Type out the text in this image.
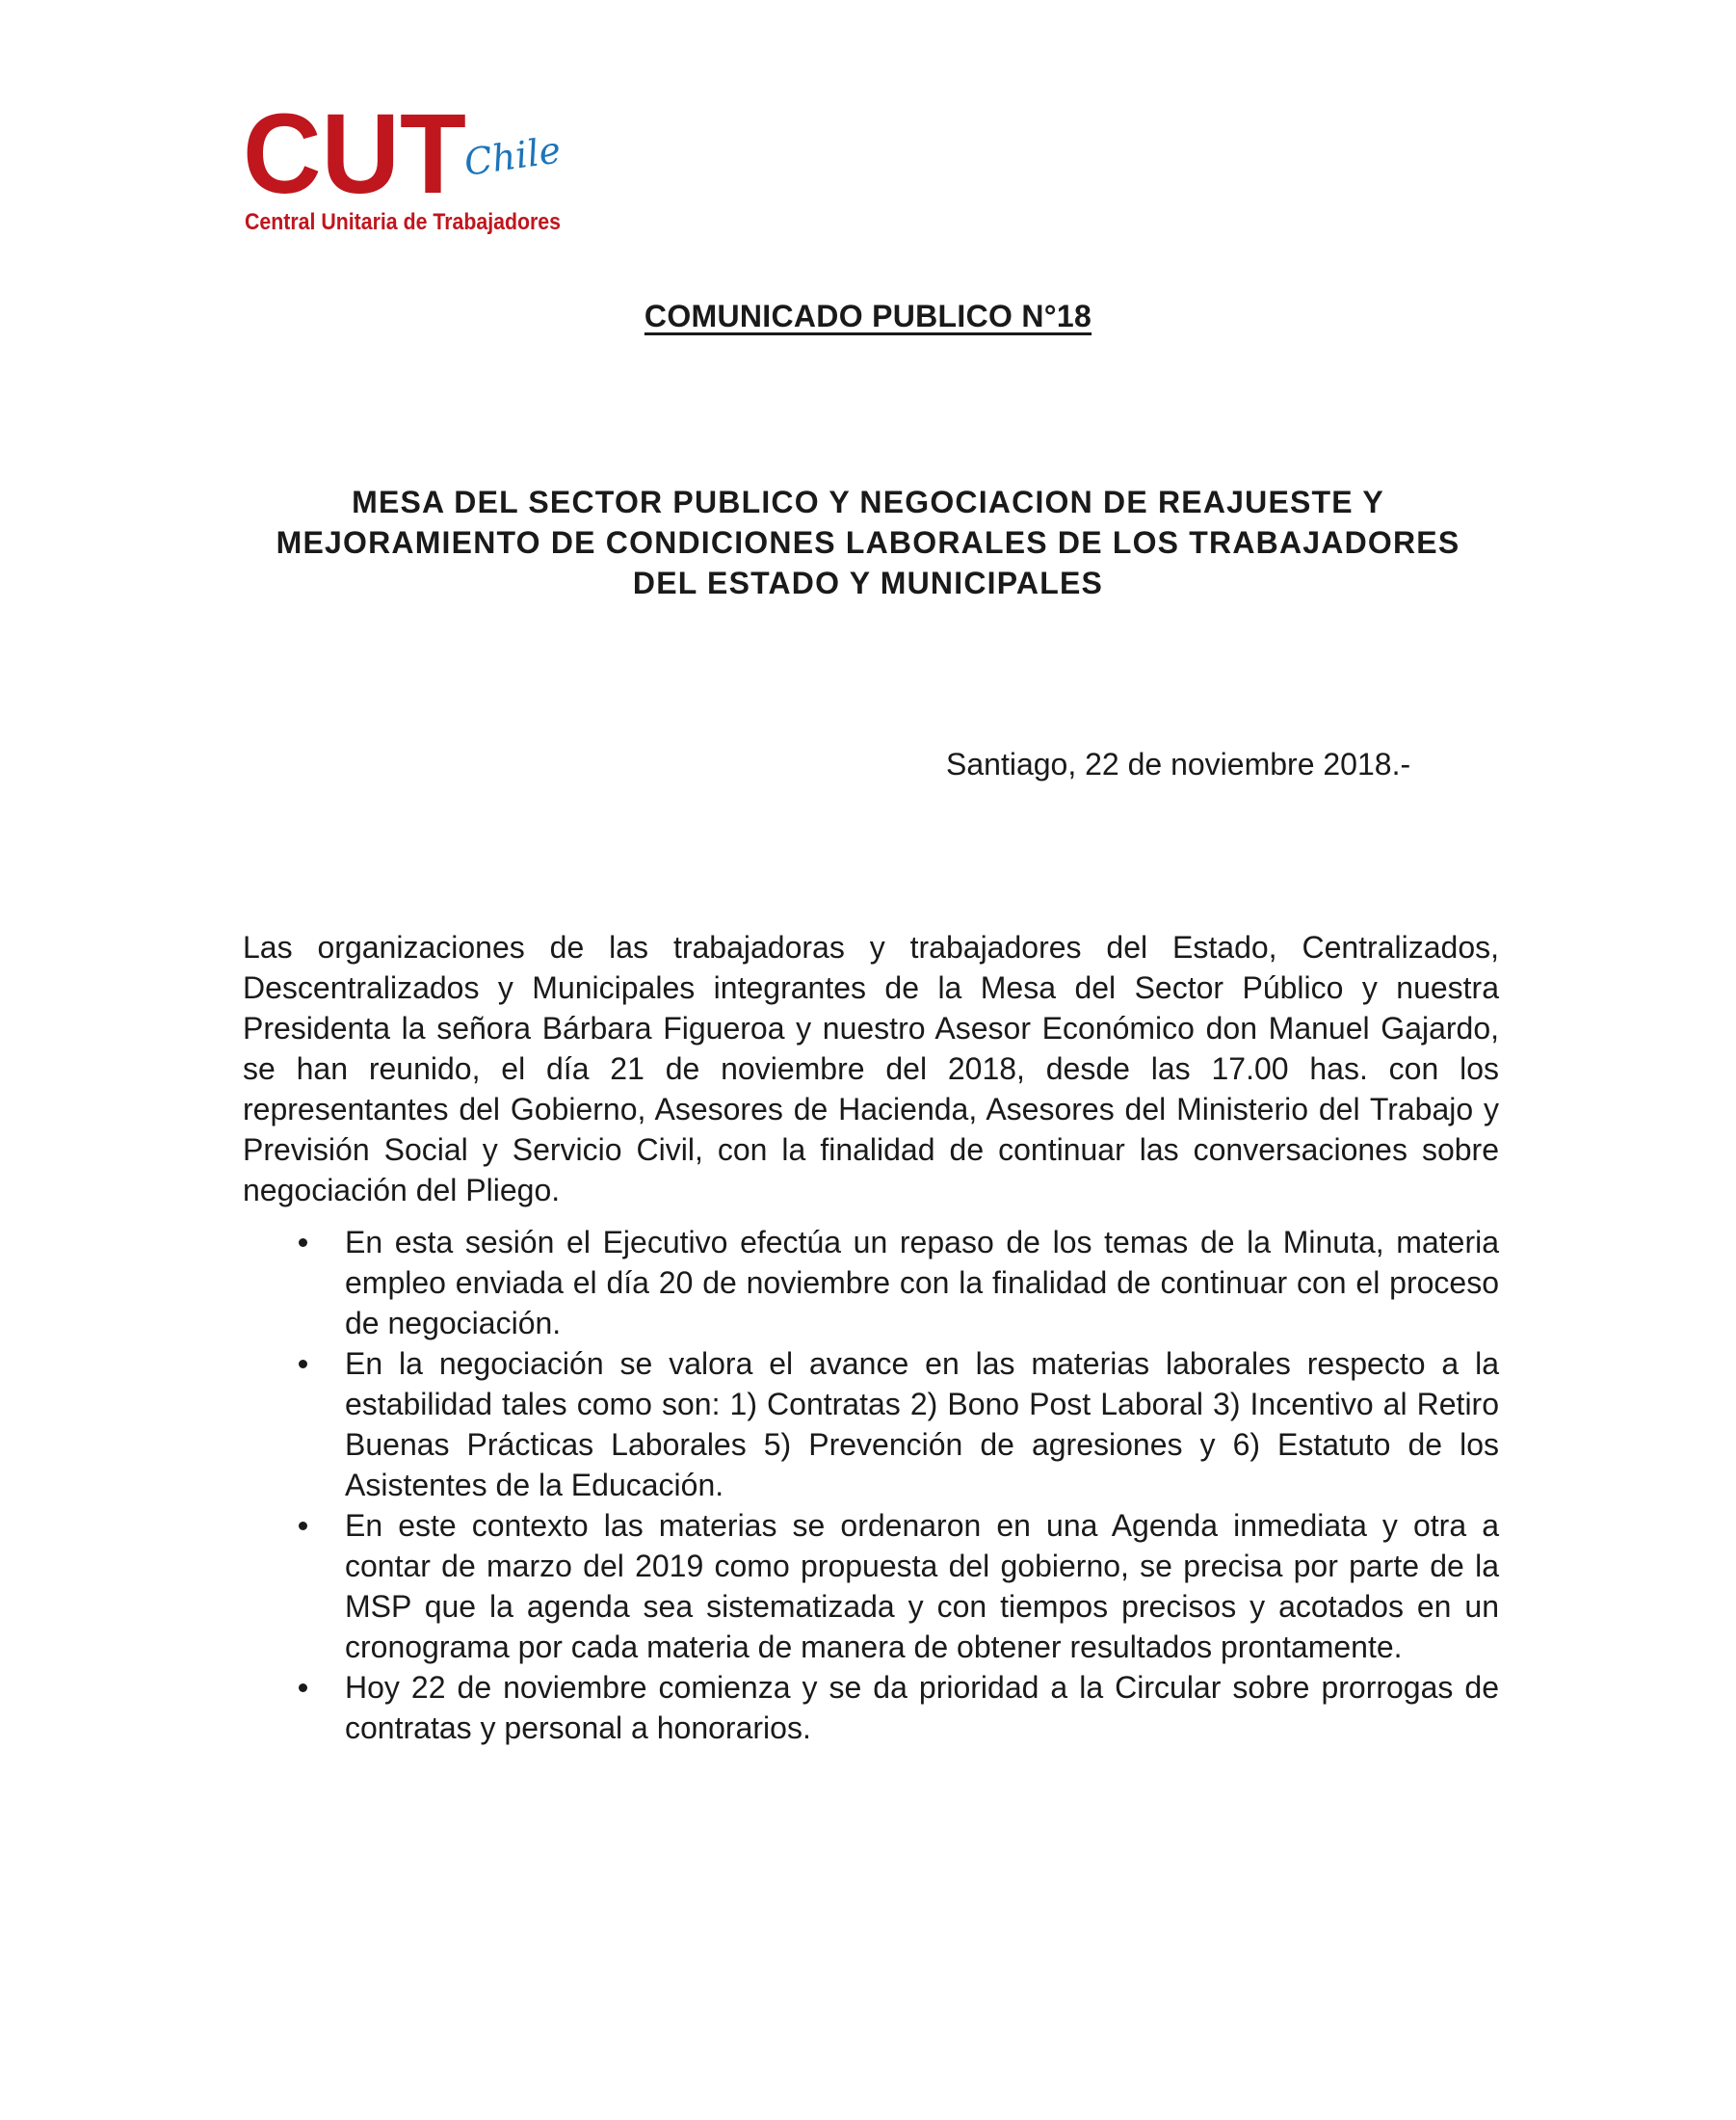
CUT
Chile
Central Unitaria de Trabajadores
COMUNICADO PUBLICO N°18
MESA DEL SECTOR PUBLICO Y NEGOCIACION DE REAJUESTE Y
MEJORAMIENTO DE CONDICIONES LABORALES DE LOS TRABAJADORES
DEL ESTADO Y MUNICIPALES
Santiago, 22 de noviembre 2018.-

Las organizaciones de las trabajadoras y trabajadores del Estado, Centralizados, Descentralizados y Municipales integrantes de la Mesa del Sector Público y nuestra Presidenta la señora Bárbara Figueroa y nuestro Asesor Económico don Manuel Gajardo, se han reunido, el día 21 de noviembre del 2018, desde las 17.00 has. con los representantes del Gobierno, Asesores de Hacienda, Asesores del Ministerio del Trabajo y Previsión Social y Servicio Civil, con la finalidad de continuar las conversaciones sobre negociación del Pliego.

En esta sesión el Ejecutivo efectúa un repaso de los temas de la Minuta, materia empleo enviada el día 20 de noviembre con la finalidad de continuar con el proceso de negociación.
En la negociación se valora el avance en las materias laborales respecto a la estabilidad tales como son: 1) Contratas 2) Bono Post Laboral 3) Incentivo al Retiro Buenas Prácticas Laborales 5) Prevención de agresiones y 6) Estatuto de los Asistentes de la Educación.
En este contexto las materias se ordenaron en una Agenda inmediata y otra a contar de marzo del 2019 como propuesta del gobierno, se precisa por parte de la MSP que la agenda sea sistematizada y con tiempos precisos y acotados en un cronograma por cada materia de manera de obtener resultados prontamente.
Hoy 22 de noviembre comienza y se da prioridad a la Circular sobre prorrogas de contratas y personal a honorarios.
